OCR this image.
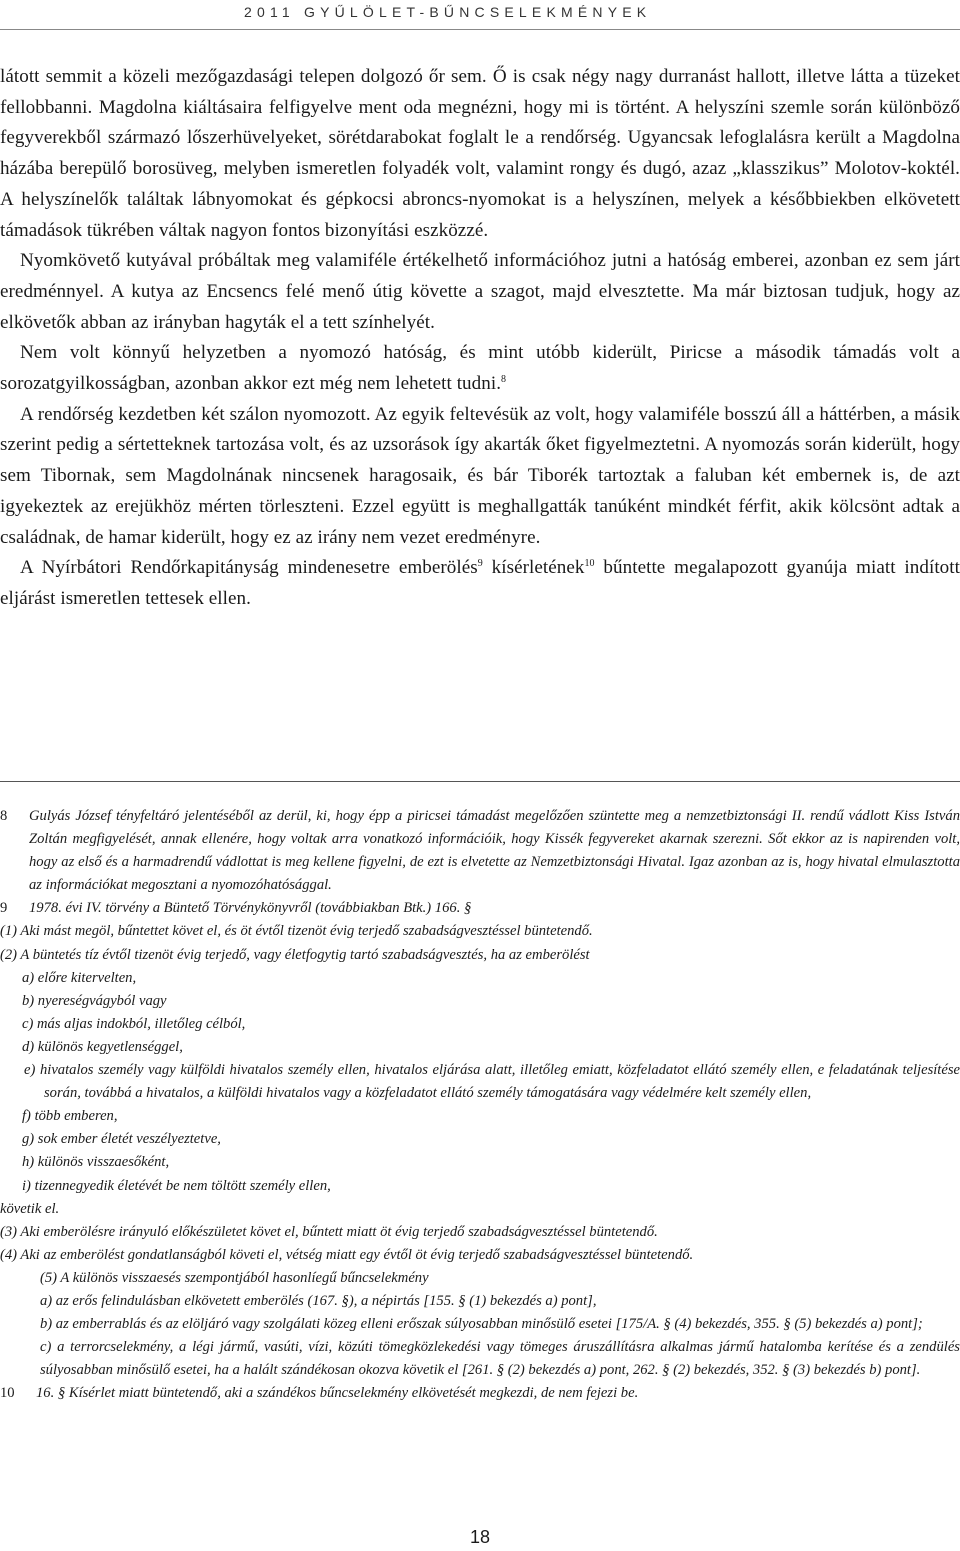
2011 GYŰLÖLET-BŰNCSELEKMÉNYEK

látott semmit a közeli mezőgazdasági telepen dolgozó őr sem. Ő is csak négy nagy durranást hallott, illetve látta a tüzeket fellobbanni. Magdolna kiáltásaira felfigyelve ment oda megnézni, hogy mi is történt. A helyszíni szemle során különböző fegyverekből származó lőszerhüvelyeket, sörétdarabokat foglalt le a rendőrség. Ugyancsak lefoglalásra került a Magdolna házába berepülő borosüveg, melyben ismeretlen folyadék volt, valamint rongy és dugó, azaz „klasszikus” Molotov-koktél. A helyszínelők találtak lábnyomokat és gépkocsi abroncs-nyomokat is a helyszínen, melyek a későbbiekben elkövetett támadások tükrében váltak nagyon fontos bizonyítási eszközzé.

Nyomkövető kutyával próbáltak meg valamiféle értékelhető információhoz jutni a hatóság emberei, azonban ez sem járt eredménnyel. A kutya az Encsencs felé menő útig követte a szagot, majd elvesztette. Ma már biztosan tudjuk, hogy az elkövetők abban az irányban hagyták el a tett színhelyét.

Nem volt könnyű helyzetben a nyomozó hatóság, és mint utóbb kiderült, Piricse a második támadás volt a sorozatgyilkosságban, azonban akkor ezt még nem lehetett tudni.$^8$

A rendőrség kezdetben két szálon nyomozott. Az egyik feltevésük az volt, hogy valamiféle bosszú áll a háttérben, a másik szerint pedig a sértetteknek tartozása volt, és az uzsorások így akarták őket figyelmeztetni. A nyomozás során kiderült, hogy sem Tibornak, sem Magdolnának nincsenek haragosaik, és bár Tiborék tartoztak a faluban két embernek is, de azt igyekeztek az erejükhöz mérten törleszteni. Ezzel együtt is meghallgatták tanúként mindkét férfit, akik kölcsönt adtak a családnak, de hamar kiderült, hogy ez az irány nem vezet eredményre.

A Nyírbátori Rendőrkapitányság mindenesetre emberölés$^9$ kísérletének$^{10}$ bűntette megalapozott gyanúja miatt indított eljárást ismeretlen tettesek ellen.

8	Gulyás József tényfeltáró jelentéséből az derül, ki, hogy épp a piricsei támadást megelőzően szüntette meg a nemzetbiztonsági II. rendű vádlott Kiss István Zoltán megfigyelését, annak ellenére, hogy voltak arra vonatkozó információik, hogy Kissék fegyvereket akarnak szerezni. Sőt ekkor az is napirenden volt, hogy az első és a harmadrendű vádlottat is meg kellene figyelni, de ezt is elvetette az Nemzetbiztonsági Hivatal. Igaz azonban az is, hogy hivatal elmulasztotta az információkat megosztani a nyomozóhatósággal.
9	1978. évi IV. törvény a Büntető Törvénykönyvről (továbbiakban Btk.) 166. §

(1) Aki mást megöl, bűntettet követ el, és öt évtől tizenöt évig terjedő szabadságvesztéssel büntetendő.

(2) A büntetés tíz évtől tizenöt évig terjedő, vagy életfogytig tartó szabadságvesztés, ha az emberölést

a) előre kitervelten,

b) nyereségvágyból vagy

c) más aljas indokból, illetőleg célból,

d) különös kegyetlenséggel,

e) hivatalos személy vagy külföldi hivatalos személy ellen, hivatalos eljárása alatt, illetőleg emiatt, közfeladatot ellátó személy ellen, e feladatának teljesítése során, továbbá a hivatalos, a külföldi hivatalos vagy a közfeladatot ellátó személy támogatására vagy védelmére kelt személy ellen,

f) több emberen,

g) sok ember életét veszélyeztetve,

h) különös visszaesőként,

i) tizennegyedik életévét be nem töltött személy ellen,

követik el.

(3) Aki emberölésre irányuló előkészületet követ el, bűntett miatt öt évig terjedő szabadságvesztéssel büntetendő.

(4) Aki az emberölést gondatlanságból követi el, vétség miatt egy évtől öt évig terjedő szabadságvesztéssel büntetendő.

(5) A különös visszaesés szempontjából hasonlíegű bűncselekmény

a) az erős felindulásban elkövetett emberölés (167. §), a népirtás [155. § (1) bekezdés a) pont],

b) az emberrablás és az elöljáró vagy szolgálati közeg elleni erőszak súlyosabban minősülő esetei [175/A. § (4) bekezdés, 355. § (5) bekezdés a) pont];

c) a terrorcselekmény, a légi jármű, vasúti, vízi, közúti tömegközlekedési vagy tömeges áruszállításra alkalmas jármű hatalomba kerítése és a zendülés súlyosabban minősülő esetei, ha a halált szándékosan okozva követik el [261. § (2) bekezdés a) pont, 262. § (2) bekezdés, 352. § (3) bekezdés b) pont].

10	16. § Kísérlet miatt büntetendő, aki a szándékos bűncselekmény elkövetését megkezdi, de nem fejezi be.
18
